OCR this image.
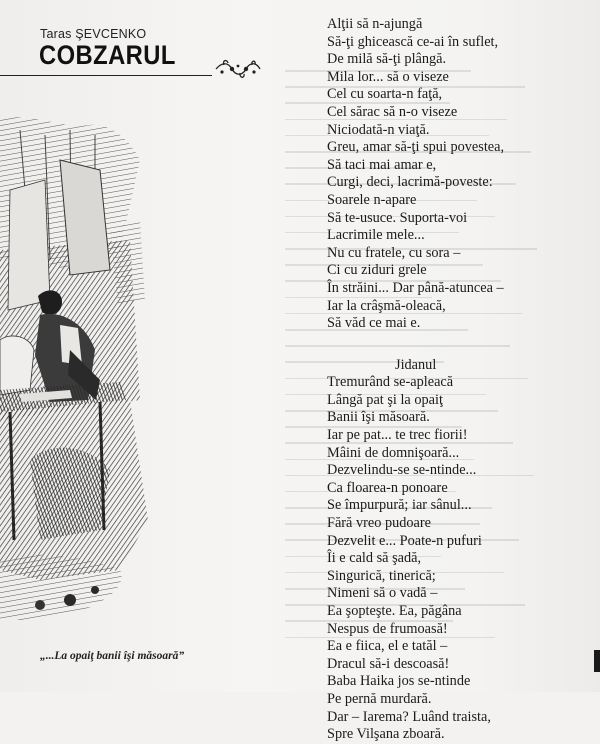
Taras ŞEVCENKO
COBZARUL
„...La opaiţ banii îşi măsoară”
Alţii să n-ajungă
Să-ţi ghicească ce-ai în suflet,
De milă să-ţi plângă.
Mila lor... să o viseze
Cel cu soarta-n faţă,
Cel sărac să n-o viseze
Niciodată-n viaţă.
Greu, amar să-ţi spui povestea,
Să taci mai amar e,
Curgi, deci, lacrimă-poveste:
Soarele n-apare
Să te-usuce. Suporta-voi
Lacrimile mele...
Nu cu fratele, cu sora –
Ci cu ziduri grele
În străini... Dar până-atuncea –
Iar la crâşmă-oleacă,
Să văd ce mai e.
Jidanul
Tremurând se-apleacă
Lângă pat şi la opaiţ
Banii îşi măsoară.
Iar pe pat... te trec fiorii!
Mâini de domnişoară...
Dezvelindu-se se-ntinde...
Ca floarea-n ponoare
Se împurpură; iar sânul...
Fără vreo pudoare
Dezvelit e... Poate-n pufuri
Îi e cald să şadă,
Singurică, tinerică;
Nimeni să o vadă –
Ea şopteşte. Ea, păgâna
Nespus de frumoasă!
Ea e fiica, el e tatăl –
Dracul să-i descoasă!
Baba Haika jos se-ntinde
Pe pernă murdară.
Dar – Iarema? Luând traista,
Spre Vilşana zboară.
